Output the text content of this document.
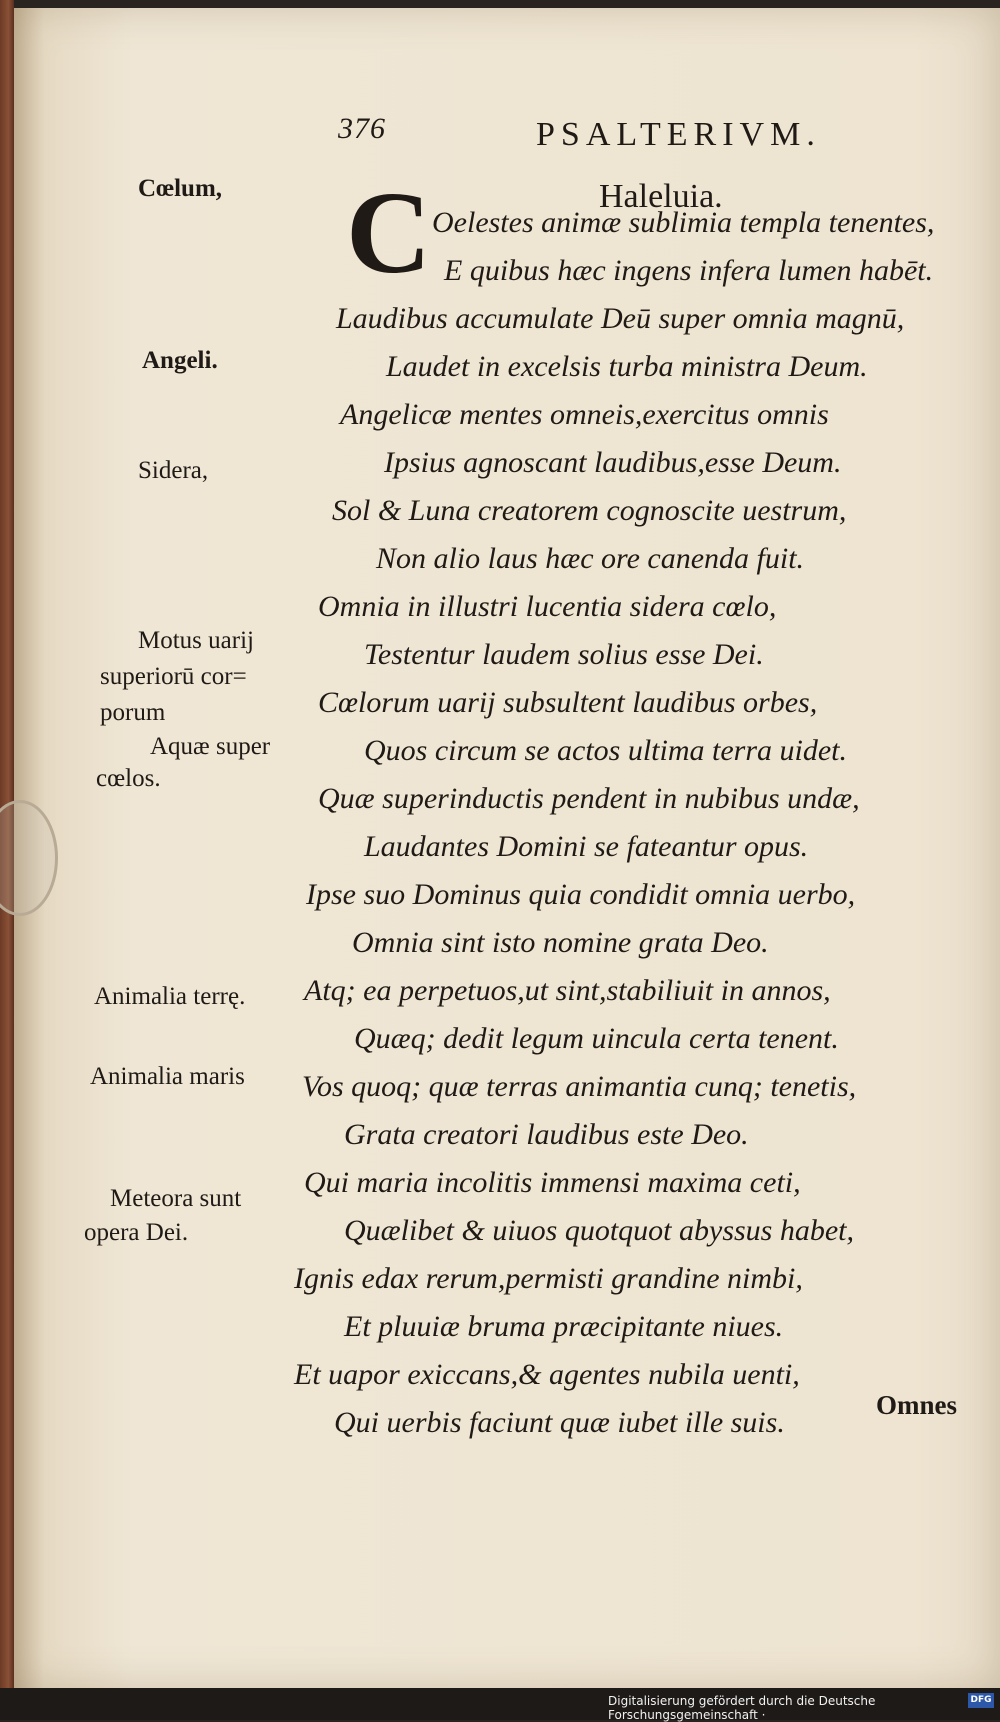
376	PSALTERIVM.
Haleluia.
C
Cœlum,
Angeli.
Sidera,
Motus uarij
superiorū cor=
porum
Aquæ super
cœlos.
Animalia terrę.
Animalia maris
Meteora sunt
opera Dei.
Oelestes animæ sublimia templa tenentes,
E quibus hæc ingens infera lumen habēt.
Laudibus accumulate Deū super omnia magnū,
Laudet in excelsis turba ministra Deum.
Angelicæ mentes omneis,exercitus omnis
Ipsius agnoscant laudibus,esse Deum.
Sol & Luna creatorem cognoscite uestrum,
Non alio laus hæc ore canenda fuit.
Omnia in illustri lucentia sidera cœlo,
Testentur laudem solius esse Dei.
Cœlorum uarij subsultent laudibus orbes,
Quos circum se actos ultima terra uidet.
Quæ superinductis pendent in nubibus undæ,
Laudantes Domini se fateantur opus.
Ipse suo Dominus quia condidit omnia uerbo,
Omnia sint isto nomine grata Deo.
Atq; ea perpetuos,ut sint,stabiliuit in annos,
Quæq; dedit legum uincula certa tenent.
Vos quoq; quæ terras animantia cunq; tenetis,
Grata creatori laudibus este Deo.
Qui maria incolitis immensi maxima ceti,
Quælibet & uiuos quotquot abyssus habet,
Ignis edax rerum,permisti grandine nimbi,
Et pluuiæ bruma præcipitante niues.
Et uapor exiccans,& agentes nubila uenti,
Qui uerbis faciunt quæ iubet ille suis.
Omnes
Digitalisierung gefördert durch die Deutsche Forschungsgemeinschaft ·
DFG
